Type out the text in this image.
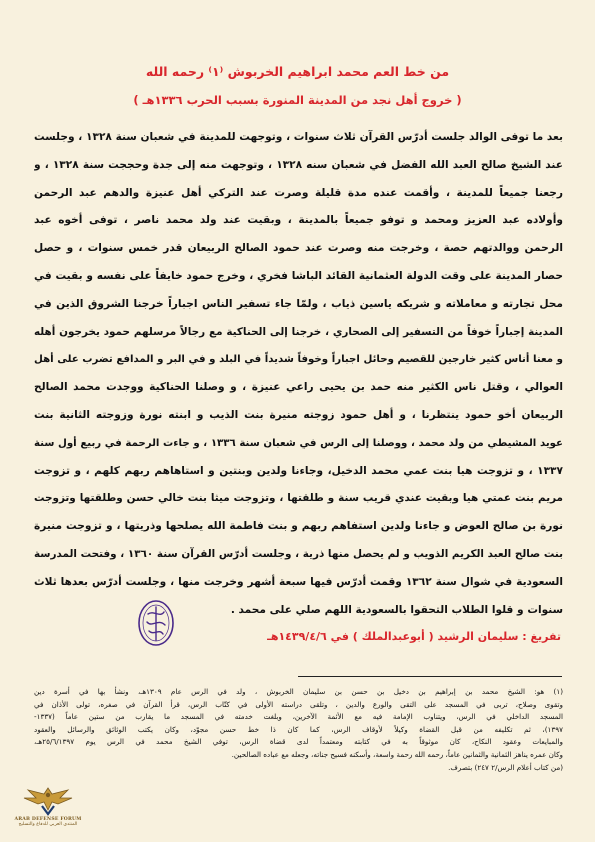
من خط العم محمد ابراهيم الخربوش ⁽١⁾ رحمه الله
( خروج أهل نجد من المدينة المنورة بسبب الحرب ١٣٣٦هـ )
بعد ما توفى الوالد جلست أدرّس القرآن ثلاث سنوات ، وتوجهت للمدينة في شعبان سنة ١٣٢٨ ، وجلست
عند الشيخ صالح العبد الله الفضل في شعبان سنه ١٣٢٨ ، وتوجهت منه إلى جدة وحججت سنة ١٣٢٨ ، و
رجعنا جميعاً للمدينة ، وأقمت عنده مدة قليلة وصرت عند التركي أهل عنيزة والدهم عبد الرحمن
وأولاده عبد العزيز ومحمد و توفو جميعاً بالمدينة ، وبقيت عند ولد محمد ناصر ، توفى أخوه عبد
الرحمن ووالدتهم حصة ، وخرجت منه وصرت عند حمود الصالح الربيعان قدر خمس سنوات ، و حصل
حصار المدينة على وقت الدولة العثمانية القائد الباشا فخري ، وخرج حمود خايفاً على نفسه و بقيت في
محل تجارته و معاملاته و شريكه ياسين ذياب ، ولمّا جاء تسفير الناس اجباراً خرجنا الشروق الذين في
المدينة إجباراً خوفاً من التسفير إلى الصحاري ، خرجنا إلى الحناكية مع رجالاً مرسلهم حمود يخرجون أهله
و معنا أناس كثير خارجين للقصيم وحائل اجباراً وخوفاً شديداً في البلد و في البر و المدافع تضرب على أهل
العوالي ، وقتل ناس الكثير منه حمد بن يحيى راعي عنيزة ، و وصلنا الحناكية ووجدت محمد الصالح
الربيعان أخو حمود ينتظرنا ، و أهل حمود زوجته منيرة بنت الذيب و ابنته نورة وزوجته الثانية بنت
عويد المشيطي من ولد محمد ، ووصلنا إلى الرس في شعبان سنة ١٣٣٦ ، و جاءت الرحمة في ربيع أول سنة
١٣٣٧ ، و تزوجت هيا بنت عمي محمد الدخيل، وجاءنا ولدين وبنتين و استاهاهم ربهم كلهم ، و تزوجت
مريم بنت عمتي هيا وبقيت عندي قريب سنة و طلقتها ، وتزوجت ميثا بنت خالي حسن وطلقتها وتزوجت
نورة بن صالح العوض و جاءنا ولدين استفاهم ربهم و بنت فاطمة الله يصلحها وذريتها ، و تزوجت منيرة
بنت صالح العبد الكريم الذويب و لم يحصل منها ذرية ، وجلست أدرّس القرآن سنة ١٣٦٠ ، وفتحت المدرسة
السعودية في شوال سنة ١٣٦٢ وقمت أدرّس فيها سبعة أشهر وخرجت منها ، وجلست أدرّس بعدها ثلاث
سنوات و قلوا الطلاب التحقوا بالسعودية اللهم صلي على محمد .

تفريغ : سليمان الرشيد ( أبوعبدالملك ) في ١٤٣٩/٤/٦هـ

(١) هو: الشيخ محمد بن إبراهيم بن دخيل بن حسن بن سليمان الخربوش ، ولد في الرس عام ١٣٠٩هـ، ونشأ بها في أسرة دين
وتقوى وصلاح، تربى في المسجد على التقى والورع والدين ، وتلقى دراسته الأولى في كتّاب الرس، قرأ القرآن في صغره، تولى الأذان في
المسجد الداخلي في الرس، ويتناوب الإمامة فيه مع الأئمة الآخرين، وبلغت خدمته في المسجد ما يقارب من ستين عاماً (١٣٣٧-
١٣٩٧)، ثم تكليفه من قبل القضاة وكيلاً لأوقاف الرس، كما كان ذا خط حسن مجوّد، وكان يكتب الوثائق والرسائل والعقود
والمبايعات وعقود النكاح، كان موثوقاً به في كتابته ومعتمداً لدى قضاة الرس، توفي الشيخ محمد في الرس يوم ٢٥/٦/١٣٩٧هـ،
وكان عمره يناهز الثمانية والثمانين عاماً، رحمه الله رحمة واسعة، وأسكنه فسيح جناته، وجعله مع عباده الصالحين.
(من كتاب أعلام الرس/٢ ٢٤٧) بتصرف.
ARAB DEFENSE FORUM
المنتدى العربي للدفاع والتسليح
